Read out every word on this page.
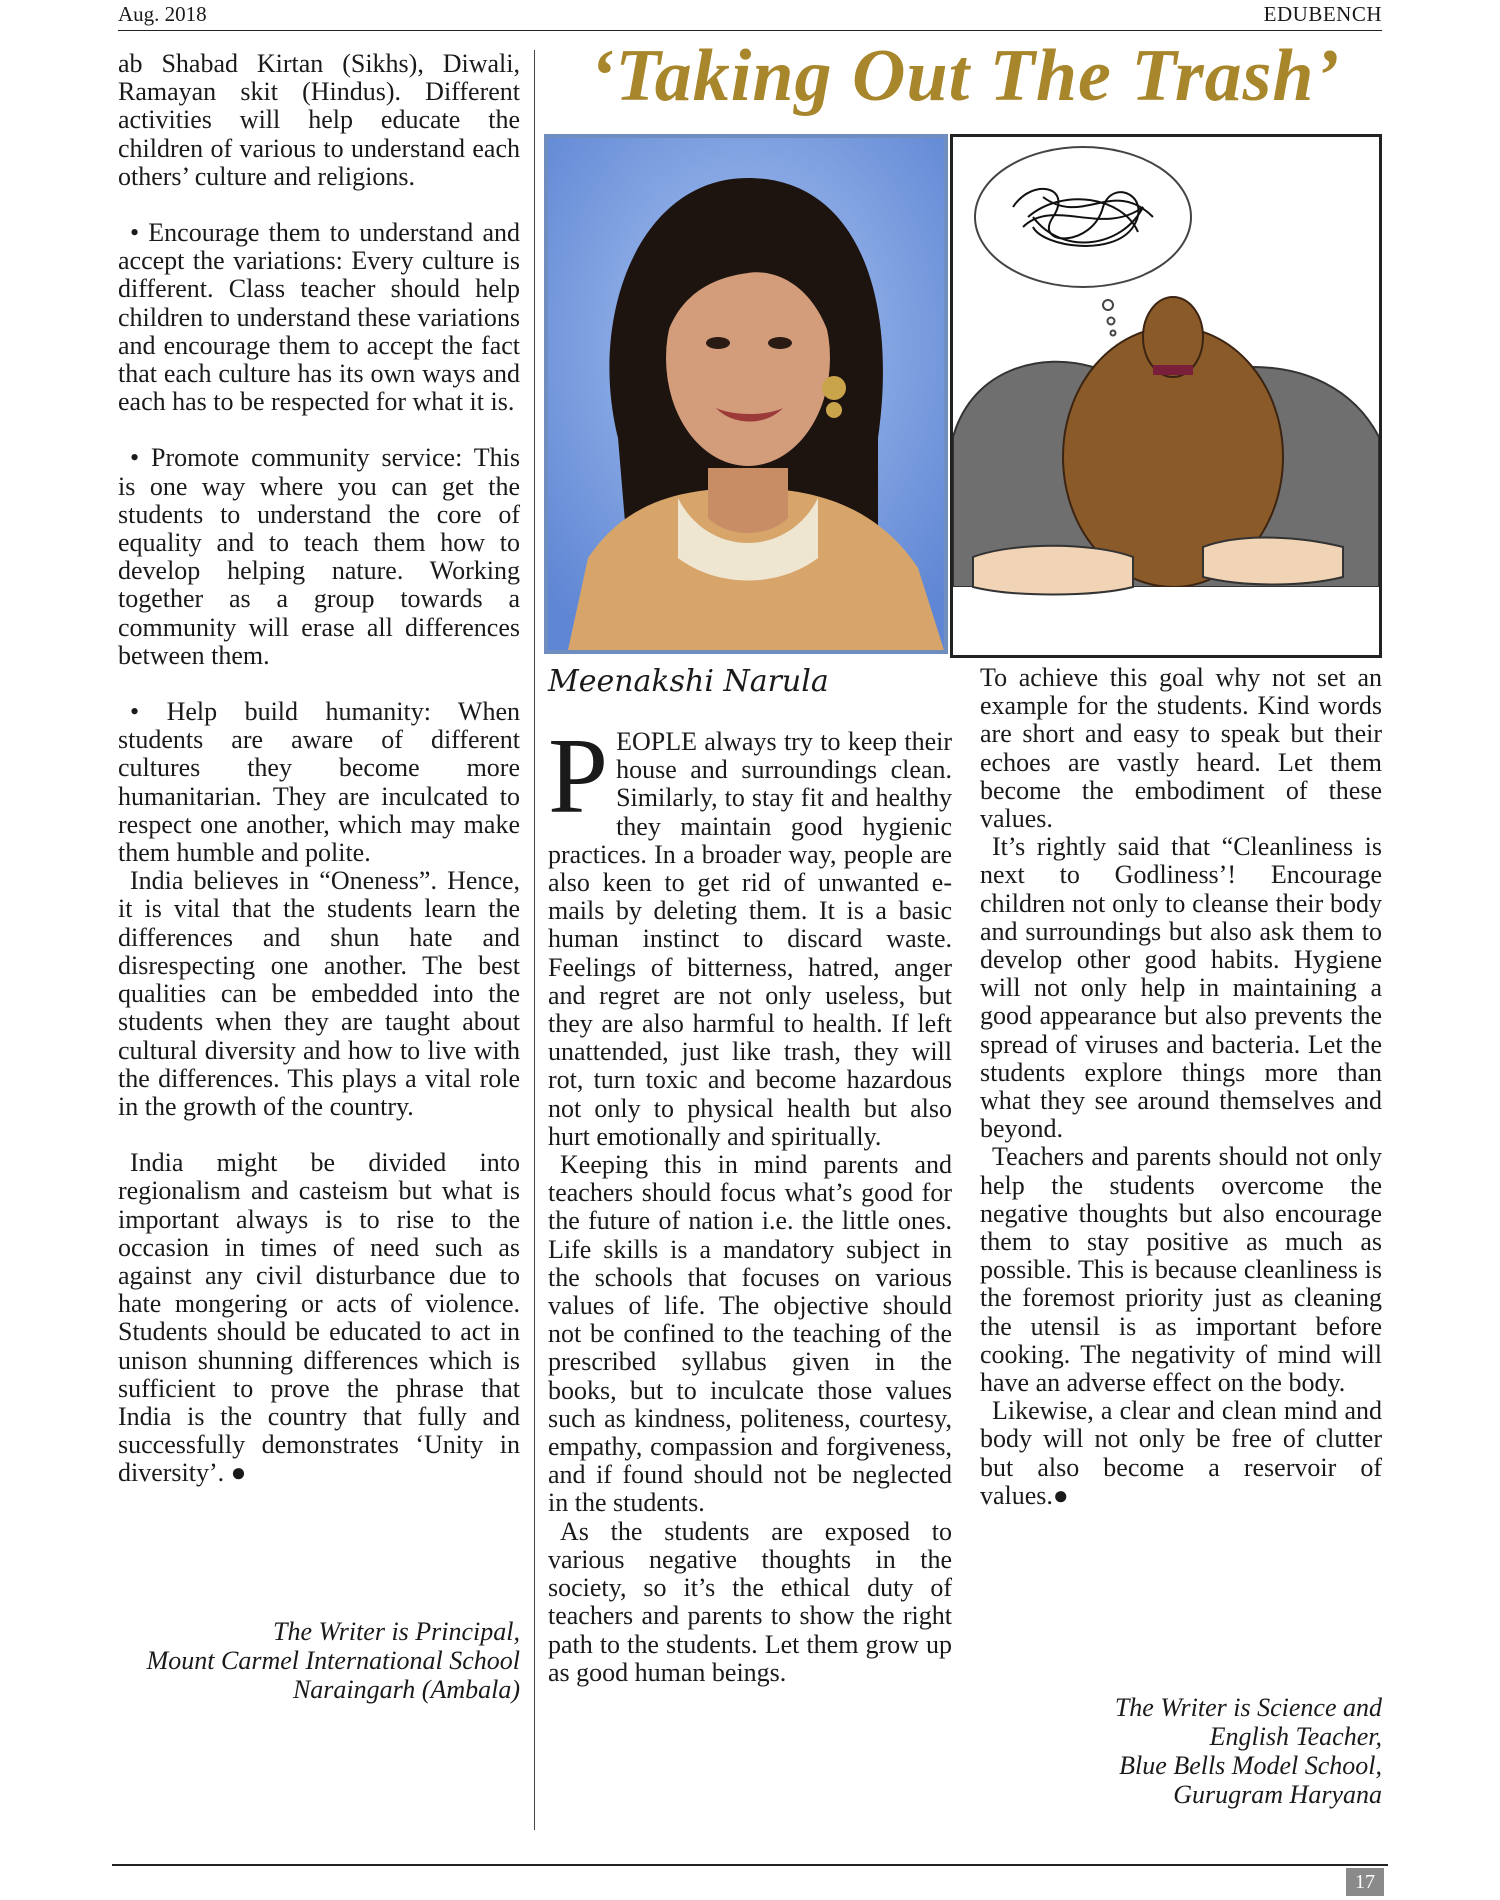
Aug. 2018	EDUBENCH

ab Shabad Kirtan (Sikhs), Diwali, Ramayan skit (Hindus). Different activities will help educate the children of various to understand each others’ culture and religions.

• Encourage them to understand and accept the variations: Every culture is different. Class teacher should help children to understand these variations and encourage them to accept the fact that each culture has its own ways and each has to be respected for what it is.

• Promote community service: This is one way where you can get the students to understand the core of equality and to teach them how to develop helping nature. Working together as a group towards a community will erase all differences between them.

• Help build humanity: When students are aware of different cultures they become more humanitarian. They are inculcated to respect one another, which may make them humble and polite.

India believes in “Oneness”. Hence, it is vital that the students learn the differences and shun hate and disrespecting one another. The best qualities can be embedded into the students when they are taught about cultural diversity and how to live with the differences. This plays a vital role in the growth of the country.

India might be divided into regionalism and casteism but what is important always is to rise to the occasion in times of need such as against any civil disturbance due to hate mongering or acts of violence. Students should be educated to act in unison shunning differences which is sufficient to prove the phrase that India is the country that fully and successfully demonstrates ‘Unity in diversity’. ●

The Writer is Principal,
Mount Carmel International School
Naraingarh (Ambala)
‘Taking Out The Trash’
Meenakshi Narula

PEOPLE always try to keep their house and surroundings clean. Similarly, to stay fit and healthy they maintain good hygienic practices. In a broader way, people are also keen to get rid of unwanted e-mails by deleting them. It is a basic human instinct to discard waste. Feelings of bitterness, hatred, anger and regret are not only useless, but they are also harmful to health. If left unattended, just like trash, they will rot, turn toxic and become hazardous not only to physical health but also hurt emotionally and spiritually.

Keeping this in mind parents and teachers should focus what’s good for the future of nation i.e. the little ones. Life skills is a mandatory subject in the schools that focuses on various values of life. The objective should not be confined to the teaching of the prescribed syllabus given in the books, but to inculcate those values such as kindness, politeness, courtesy, empathy, compassion and forgiveness, and if found should not be neglected in the students.

As the students are exposed to various negative thoughts in the society, so it’s the ethical duty of teachers and parents to show the right path to the students. Let them grow up as good human beings.

To achieve this goal why not set an example for the students. Kind words are short and easy to speak but their echoes are vastly heard. Let them become the embodiment of these values.

It’s rightly said that “Cleanliness is next to Godliness’! Encourage children not only to cleanse their body and surroundings but also ask them to develop other good habits. Hygiene will not only help in maintaining a good appearance but also prevents the spread of viruses and bacteria. Let the students explore things more than what they see around themselves and beyond.

Teachers and parents should not only help the students overcome the negative thoughts but also encourage them to stay positive as much as possible. This is because cleanliness is the foremost priority just as cleaning the utensil is as important before cooking. The negativity of mind will have an adverse effect on the body.

Likewise, a clear and clean mind and body will not only be free of clutter but also become a reservoir of values.●

The Writer is Science and
English Teacher,
Blue Bells Model School,
Gurugram Haryana
17
